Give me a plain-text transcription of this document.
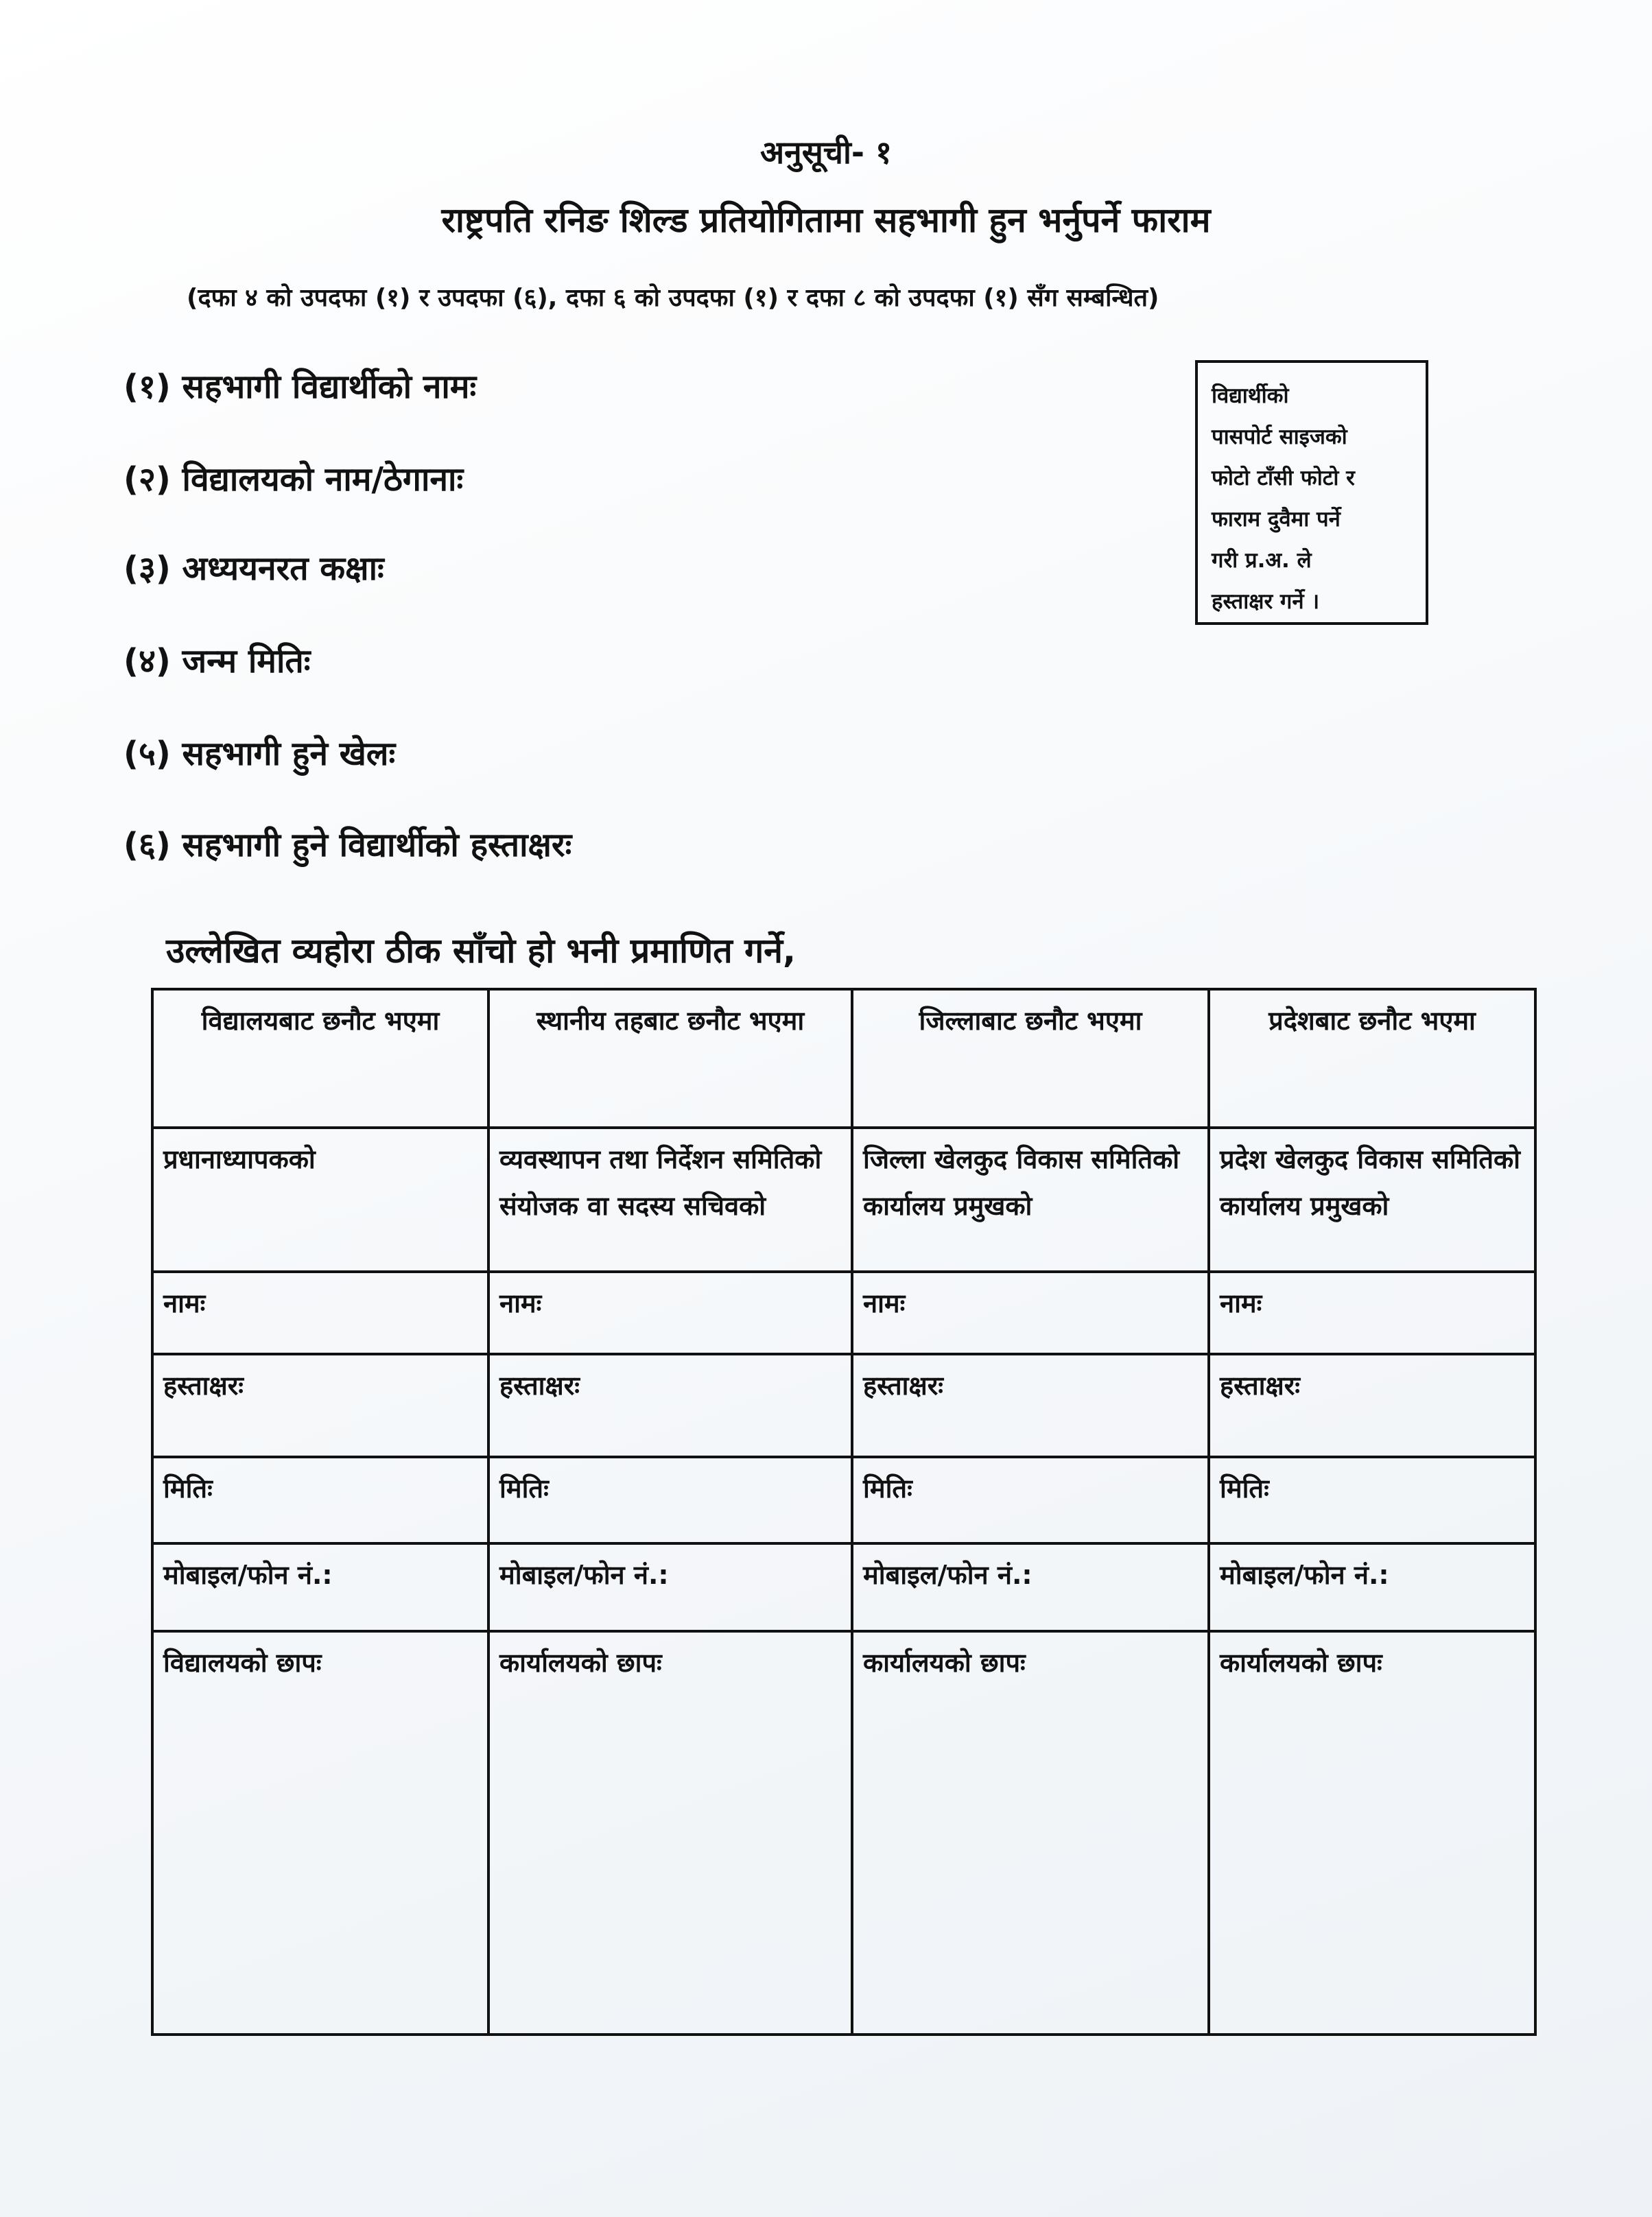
अनुसूची- १
राष्ट्रपति रनिङ शिल्ड प्रतियोगितामा सहभागी हुन भर्नुपर्ने फाराम
(दफा ४ को उपदफा (१) र उपदफा (६), दफा ६ को उपदफा (१) र दफा ८ को उपदफा (१) सँग सम्बन्धित)
(१) सहभागी विद्यार्थीको नामः
(२) विद्यालयको नाम/ठेगानाः
(३) अध्ययनरत कक्षाः
(४) जन्म मितिः
(५) सहभागी हुने खेलः
(६) सहभागी हुने विद्यार्थीको हस्ताक्षरः
विद्यार्थीको
पासपोर्ट साइजको
फोटो टाँसी फोटो र
फाराम दुवैमा पर्ने
गरी प्र.अ. ले
हस्ताक्षर गर्ने ।
उल्लेखित व्यहोरा ठीक साँचो हो भनी प्रमाणित गर्ने,
विद्यालयबाट छनौट भएमा	स्थानीय तहबाट छनौट भएमा	जिल्लाबाट छनौट भएमा	प्रदेशबाट छनौट भएमा
प्रधानाध्यापकको	व्यवस्थापन तथा निर्देशन समितिको संयोजक वा सदस्य सचिवको	जिल्ला खेलकुद विकास समितिको कार्यालय प्रमुखको	प्रदेश खेलकुद विकास समितिको कार्यालय प्रमुखको
नामः	नामः	नामः	नामः
हस्ताक्षरः	हस्ताक्षरः	हस्ताक्षरः	हस्ताक्षरः
मितिः	मितिः	मितिः	मितिः
मोबाइल/फोन नं.:	मोबाइल/फोन नं.:	मोबाइल/फोन नं.:	मोबाइल/फोन नं.:
विद्यालयको छापः	कार्यालयको छापः	कार्यालयको छापः	कार्यालयको छापः
